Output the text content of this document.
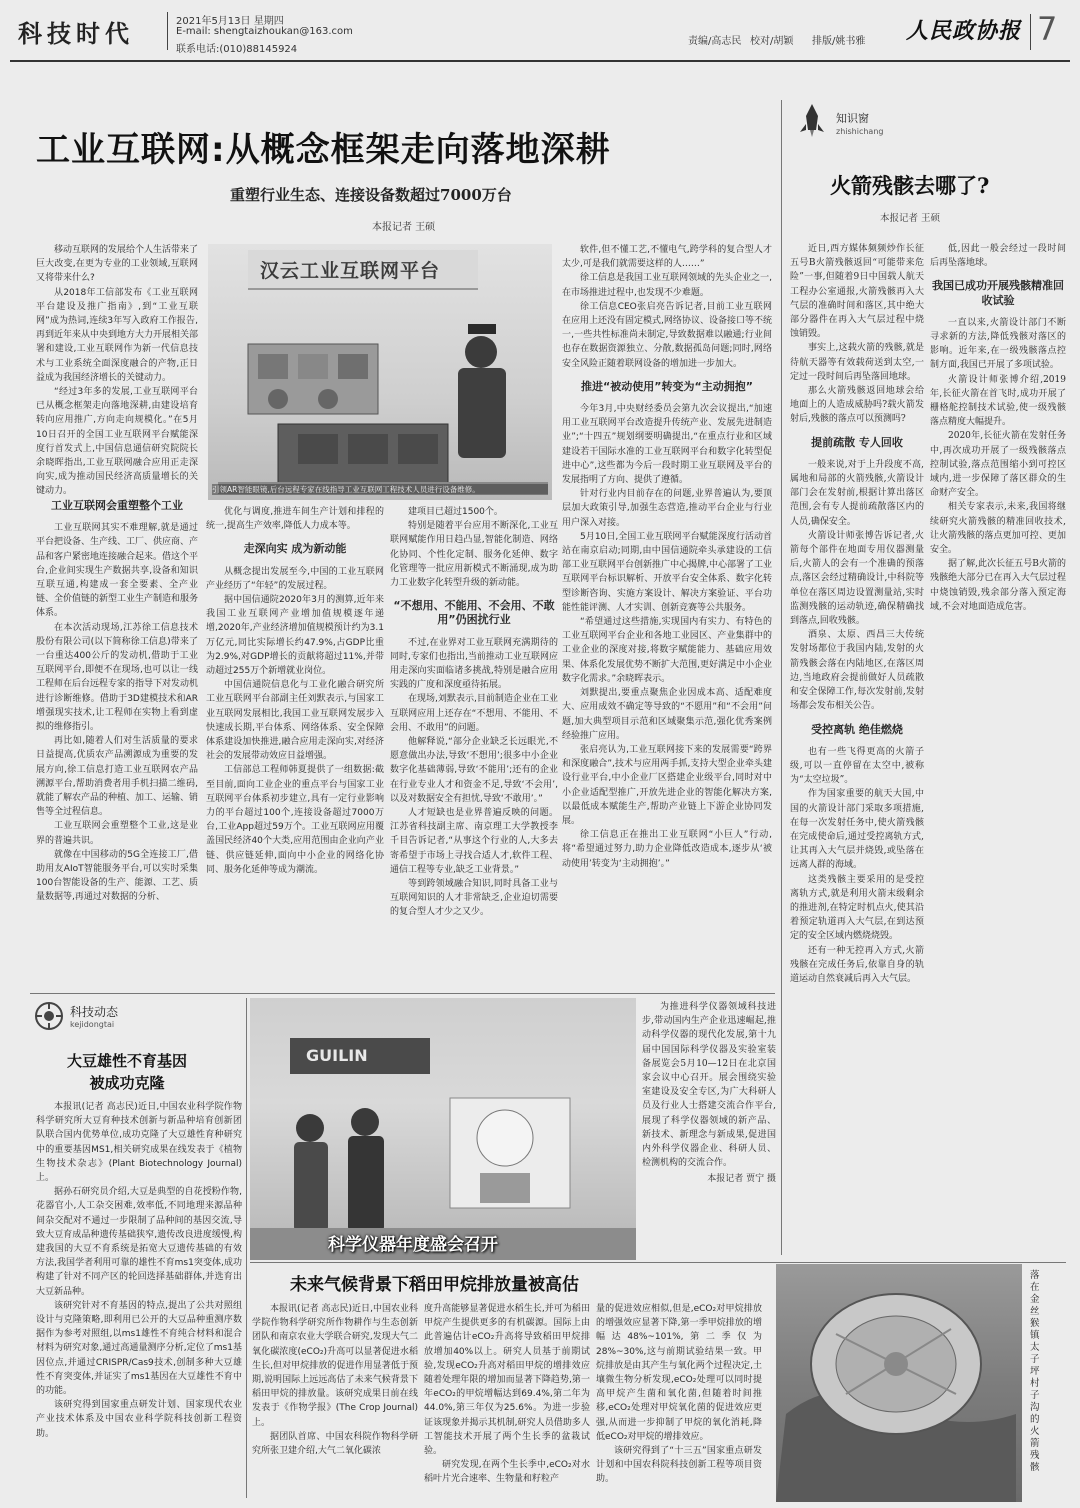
科技时代	2021年5月13日 星期四
E-mail: shengtaizhoukan@163.com
联系电话:(010)88145924
责编/高志民 校对/胡颖 排版/姚书雅 人民政协报 7
工业互联网:从概念框架走向落地深耕
重塑行业生态、连接设备数超过7000万台
本报记者 王硕
汉云工业互联网平台
引领AR智能眼镜,后台远程专家在线指导工业互联网工程技术人员进行设备维修。

移动互联网的发展给个人生活带来了巨大改变,在更为专业的工业领域,互联网又将带来什么?

从2018年工信部发布《工业互联网平台建设及推广指南》,到“工业互联网”成为热词,连续3年写入政府工作报告,再到近年来从中央到地方大力开展相关部署和建设,工业互联网作为新一代信息技术与工业系统全面深度融合的产物,正日益成为我国经济增长的关键动力。

“经过3年多的发展,工业互联网平台已从概念框架走向落地深耕,由建设培育转向应用推广,方向走向规模化。”在5月10日召开的全国工业互联网平台赋能深度行首发式上,中国信息通信研究院院长余晓晖指出,工业互联网融合应用正走深向实,成为推动国民经济高质量增长的关键动力。

工业互联网会重塑整个工业

工业互联网其实不难理解,就是通过平台把设备、生产线、工厂、供应商、产品和客户紧密地连接融合起来。借这个平台,企业间实现生产数据共享,设备和知识互联互通,构建成一套全要素、全产业链、全价值链的新型工业生产制造和服务体系。

在本次活动现场,江苏徐工信息技术股份有限公司(以下简称徐工信息)带来了一台重达400公斤的发动机,借助于工业互联网平台,即便不在现场,也可以让一线工程师在后台远程专家的指导下对发动机进行诊断维修。借助于3D建模技术和AR增强现实技术,让工程师在实物上看到虚拟的维修指引。

再比如,随着人们对生活质量的要求日益提高,优质农产品溯源成为重要的发展方向,徐工信息打造工业互联网农产品溯源平台,帮助消费者用手机扫描二维码,就能了解农产品的种植、加工、运输、销售等全过程信息。

工业互联网会重塑整个工业,这是业界的普遍共识。

就像在中国移动的5G全连接工厂,借助用友AIoT智能服务平台,可以实时采集100台智能设备的生产、能源、工艺、质量数据等,再通过对数据的分析、

优化与调度,推进车间生产计划和排程的统一,提高生产效率,降低人力成本等。

走深向实 成为新动能

从概念提出发展至今,中国的工业互联网产业经历了“年轻”的发展过程。

据中国信通院2020年3月的测算,近年来我国工业互联网产业增加值规模逐年递增,2020年,产业经济增加值规模预计约为3.1万亿元,同比实际增长约47.9%,占GDP比重为2.9%,对GDP增长的贡献将超过11%,并带动超过255万个新增就业岗位。

中国信通院信息化与工业化融合研究所工业互联网平台部副主任刘默表示,与国家工业互联网发展相比,我国工业互联网发展步入快速成长期,平台体系、网络体系、安全保障体系建设加快推进,融合应用走深向实,对经济社会的发展带动效应日益增强。

工信部总工程师韩夏提供了一组数据:截至目前,面向工业企业的重点平台与国家工业互联网平台体系初步建立,具有一定行业影响力的平台超过100个,连接设备超过7000万台,工业App超过59万个。工业互联网应用覆盖国民经济40个大类,应用范围由企业向产业链、供应链延伸,面向中小企业的网络化协同、服务化延伸等成为潮流。

建项目已超过1500个。

特别是随着平台应用不断深化,工业互联网赋能作用日趋凸显,智能化制造、网络化协同、个性化定制、服务化延伸、数字化管理等一批应用新模式不断涌现,成为助力工业数字化转型升级的新动能。

“不想用、不能用、不会用、不敢用”仍困扰行业

不过,在业界对工业互联网充满期待的同时,专家们也指出,当前推动工业互联网应用走深向实面临诸多挑战,特别是融合应用实践的广度和深度亟待拓展。

在现场,刘默表示,目前制造企业在工业互联网应用上还存在“不想用、不能用、不会用、不敢用”的问题。

他解释说,“部分企业缺乏长远眼光,不愿意做出办法,导致‘不想用’;很多中小企业数字化基础薄弱,导致‘不能用’;还有的企业在行业专业人才和资金不足,导致‘不会用’,以及对数据安全有担忧,导致‘不敢用’。”

人才短缺也是业界普遍反映的问题。江苏省科技副主席、南京理工大学教授李千目告诉记者,“从事这个行业的人,大多去寄希望于市场上寻找合适人才,软件工程、通信工程等专业,缺乏工业背景。”

等到跨领域融合知识,同时具备工业与互联网知识的人才非常缺乏,企业迫切需要的复合型人才少之又少。

软件,但不懂工艺,不懂电气,跨学科的复合型人才太少,可是我们就需要这样的人……”

徐工信息是我国工业互联网领域的先头企业之一,在市场推进过程中,也发现不少难题。

徐工信息CEO张启亮告诉记者,目前工业互联网在应用上还没有固定模式,网络协议、设备接口等不统一,一些共性标准尚未制定,导致数据难以融通;行业间也存在数据资源独立、分散,数据孤岛问题;同时,网络安全风险正随着联网设备的增加进一步加大。

推进“被动使用”转变为“主动拥抱”

今年3月,中央财经委员会第九次会议提出,“加速用工业互联网平台改造提升传统产业、发展先进制造业”;“十四五”规划纲要明确提出,“在重点行业和区域建设若干国际水准的工业互联网平台和数字化转型促进中心”,这些都为今后一段时期工业互联网及平台的发展指明了方向、提供了遵循。

针对行业内目前存在的问题,业界普遍认为,要顶层加大政策引导,加强生态营造,推动平台企业与行业用户深入对接。

5月10日,全国工业互联网平台赋能深度行活动首站在南京启动;同期,由中国信通院牵头承建设的工信部工业互联网平台创新推广中心揭牌,中心部署了工业互联网平台标识解析、开放平台安全体系、数字化转型诊断咨询、实施方案设计、解决方案验证、平台功能性能评测、人才实训、创新竞赛等公共服务。

“希望通过这些措施,实现国内有实力、有特色的工业互联网平台企业和各地工业园区、产业集群中的工业企业的深度对接,将数字赋能能力、基础应用效果、体系化发展优势不断扩大范围,更好满足中小企业数字化需求。”余晓晖表示。

刘默提出,要重点聚焦企业因成本高、适配难度大、应用成效不确定等导致的“不愿用”和“不会用”问题,加大典型项目示范和区域聚集示范,强化优秀案例经验推广应用。

张启亮认为,工业互联网接下来的发展需要“跨界和深度融合”,技术与应用两手抓,支持大型企业牵头建设行业平台,中小企业厂区搭建企业级平台,同时对中小企业适配型推广,开放先进企业的智能化解决方案,以最低成本赋能生产,帮助产业链上下游企业协同发展。

徐工信息正在推出工业互联网“小巨人”行动,将“希望通过努力,助力企业降低改造成本,逐步从‘被动使用’转变为‘主动拥抱’。”

知识窗
zhishichang
火箭残骸去哪了?
本报记者 王硕

近日,西方媒体频频炒作长征五号B火箭残骸返回“可能带来危险”一事,但随着9日中国载人航天工程办公室通报,火箭残骸再入大气层的准确时间和落区,其中绝大部分器件在再入大气层过程中烧蚀销毁。

事实上,这载火箭的残骸,就是待航天器等有效载荷送到太空,一定过一段时间后再坠落回地球。

那么火箭残骸返回地球会给地面上的人造成威胁吗?载火箭发射后,残骸的落点可以预测吗?

提前疏散 专人回收

一般来说,对于上升段度不高,属地和局部的火箭残骸,火箭设计部门会在发射前,根据计算出落区范围,会有专人提前疏散落区内的人员,确保安全。

火箭设计师张博告诉记者,火箭每个部件在地面专用仪器测量后,火箭人的会有一个准确的预落点,落区会经过精确设计,中科院等单位在落区周边设置测量站,实时监测残骸的运动轨迹,确保精确找到落点,回收残骸。

酒泉、太原、西昌三大传统发射场都位于我国内陆,发射的火箭残骸会落在内陆地区,在落区周边,当地政府会提前做好人员疏散和安全保障工作,每次发射前,发射场都会发布相关公告。

受控离轨 绝佳燃烧

也有一些飞得更高的火箭子级,可以一直停留在太空中,被称为“太空垃圾”。

作为国家重要的航天大国,中国的火箭设计部门采取多项措施,在每一次发射任务中,使火箭残骸在完成使命后,通过受控离轨方式,让其再入大气层并烧毁,或坠落在远离人群的海域。

这类残骸主要采用的是受控离轨方式,就是利用火箭末级剩余的推进剂,在特定时机点火,使其沿着预定轨道再入大气层,在到达预定的安全区域内燃烧烧毁。

还有一种无控再入方式,火箭残骸在完成任务后,依靠自身的轨道运动自然衰减后再入大气层。

低,因此一般会经过一段时间后再坠落地球。

我国已成功开展残骸精准回收试验

一直以来,火箭设计部门不断寻求新的方法,降低残骸对落区的影响。近年来,在一级残骸落点控制方面,我国已开展了多项试验。

火箭设计师张博介绍,2019年,长征火箭在首飞时,成功开展了栅格舵控制技术试验,使一级残骸落点精度大幅提升。

2020年,长征火箭在发射任务中,再次成功开展了一级残骸落点控制试验,落点范围缩小到可控区域内,进一步保障了落区群众的生命财产安全。

相关专家表示,未来,我国将继续研究火箭残骸的精准回收技术,让火箭残骸的落点更加可控、更加安全。

据了解,此次长征五号B火箭的残骸绝大部分已在再入大气层过程中烧蚀销毁,残余部分落入预定海域,不会对地面造成危害。

科技动态
kejidongtai
大豆雄性不育基因
被成功克隆

本报讯(记者 高志民)近日,中国农业科学院作物科学研究所大豆育种技术创新与新品种培育创新团队联合国内优势单位,成功克隆了大豆雄性育种研究中的重要基因MS1,相关研究成果在线发表于《植物生物技术杂志》(Plant Biotechnology Journal)上。

据孙石研究员介绍,大豆是典型的自花授粉作物,花器官小,人工杂交困难,效率低,不同地理来源品种间杂交配对不通过一步限制了品种间的基因交流,导致大豆育成品种遗传基础狭窄,遗传改良进度缓慢,构建我国的大豆不育系统是拓宽大豆遗传基础的有效方法,我国学者利用可靠的雄性不育ms1突变体,成功构建了针对不同产区的轮回选择基础群体,并选育出大豆新品种。

该研究针对不育基因的特点,提出了公共对照组设计与克隆策略,即利用已公开的大豆品种重测序数据作为参考对照组,以ms1雄性不育纯合材料和混合材料为研究对象,通过高通量测序分析,定位了ms1基因位点,并通过CRISPR/Cas9技术,创制多种大豆雄性不育突变体,并证实了ms1基因在大豆雄性不育中的功能。

该研究得到国家重点研发计划、国家现代农业产业技术体系及中国农业科学院科技创新工程资助。

GUILIN
科学仪器年度盛会召开

为推进科学仪器领域科技进步,带动国内生产企业迅速崛起,推动科学仪器的现代化发展,第十九届中国国际科学仪器及实验室装备展览会5月10—12日在北京国家会议中心召开。展会围绕实验室建设及安全专区,为广大科研人员及行业人士搭建交流合作平台,展现了科学仪器领域的新产品、新技术、新理念与新成果,促进国内外科学仪器企业、科研人员、检测机构的交流合作。

本报记者 贾宁 摄

未来气候背景下稻田甲烷排放量被高估

本报讯(记者 高志民)近日,中国农业科学院作物科学研究所作物耕作与生态创新团队和南京农业大学联合研究,发现大气二氧化碳浓度(eCO₂)升高可以显著促进水稻生长,但对甲烷排放的促进作用显著低于预期,说明国际上远远高估了未来气候背景下稻田甲烷的排放量。该研究成果日前在线发表于《作物学报》(The Crop Journal)上。

据团队首席、中国农科院作物科学研究所张卫建介绍,大气二氧化碳浓

度升高能够显著促进水稻生长,并可为稻田甲烷产生提供更多的有机碳源。国际上由此普遍估计eCO₂升高将导致稻田甲烷排放增加40%以上。研究人员基于前期试验,发现eCO₂升高对稻田甲烷的增排效应随着处理年限的增加而显著下降趋势,第一年eCO₂的甲烷增幅达到69.4%,第二年为44.0%,第三年仅为25.6%。为进一步验证该现象并揭示其机制,研究人员借助多人工智能技术开展了两个生长季的盆栽试验。

研究发现,在两个生长季中,eCO₂对水稻叶片光合速率、生物量和籽粒产

量的促进效应相似,但是,eCO₂对甲烷排放的增强效应显著下降,第一季甲烷排放的增幅达48%~101%,第二季仅为28%~30%,这与前期试验结果一致。甲烷排放是由其产生与氧化两个过程决定,土壤微生物分析发现,eCO₂处理可以同时提高甲烷产生菌和氧化菌,但随着时间推移,eCO₂处理对甲烷氧化菌的促进效应更强,从而进一步抑制了甲烷的氧化消耗,降低eCO₂对甲烷的增排效应。

该研究得到了“十三五”国家重点研发计划和中国农科院科技创新工程等项目资助。

落在金丝猴镇太子坪村子沟的火箭残骸
